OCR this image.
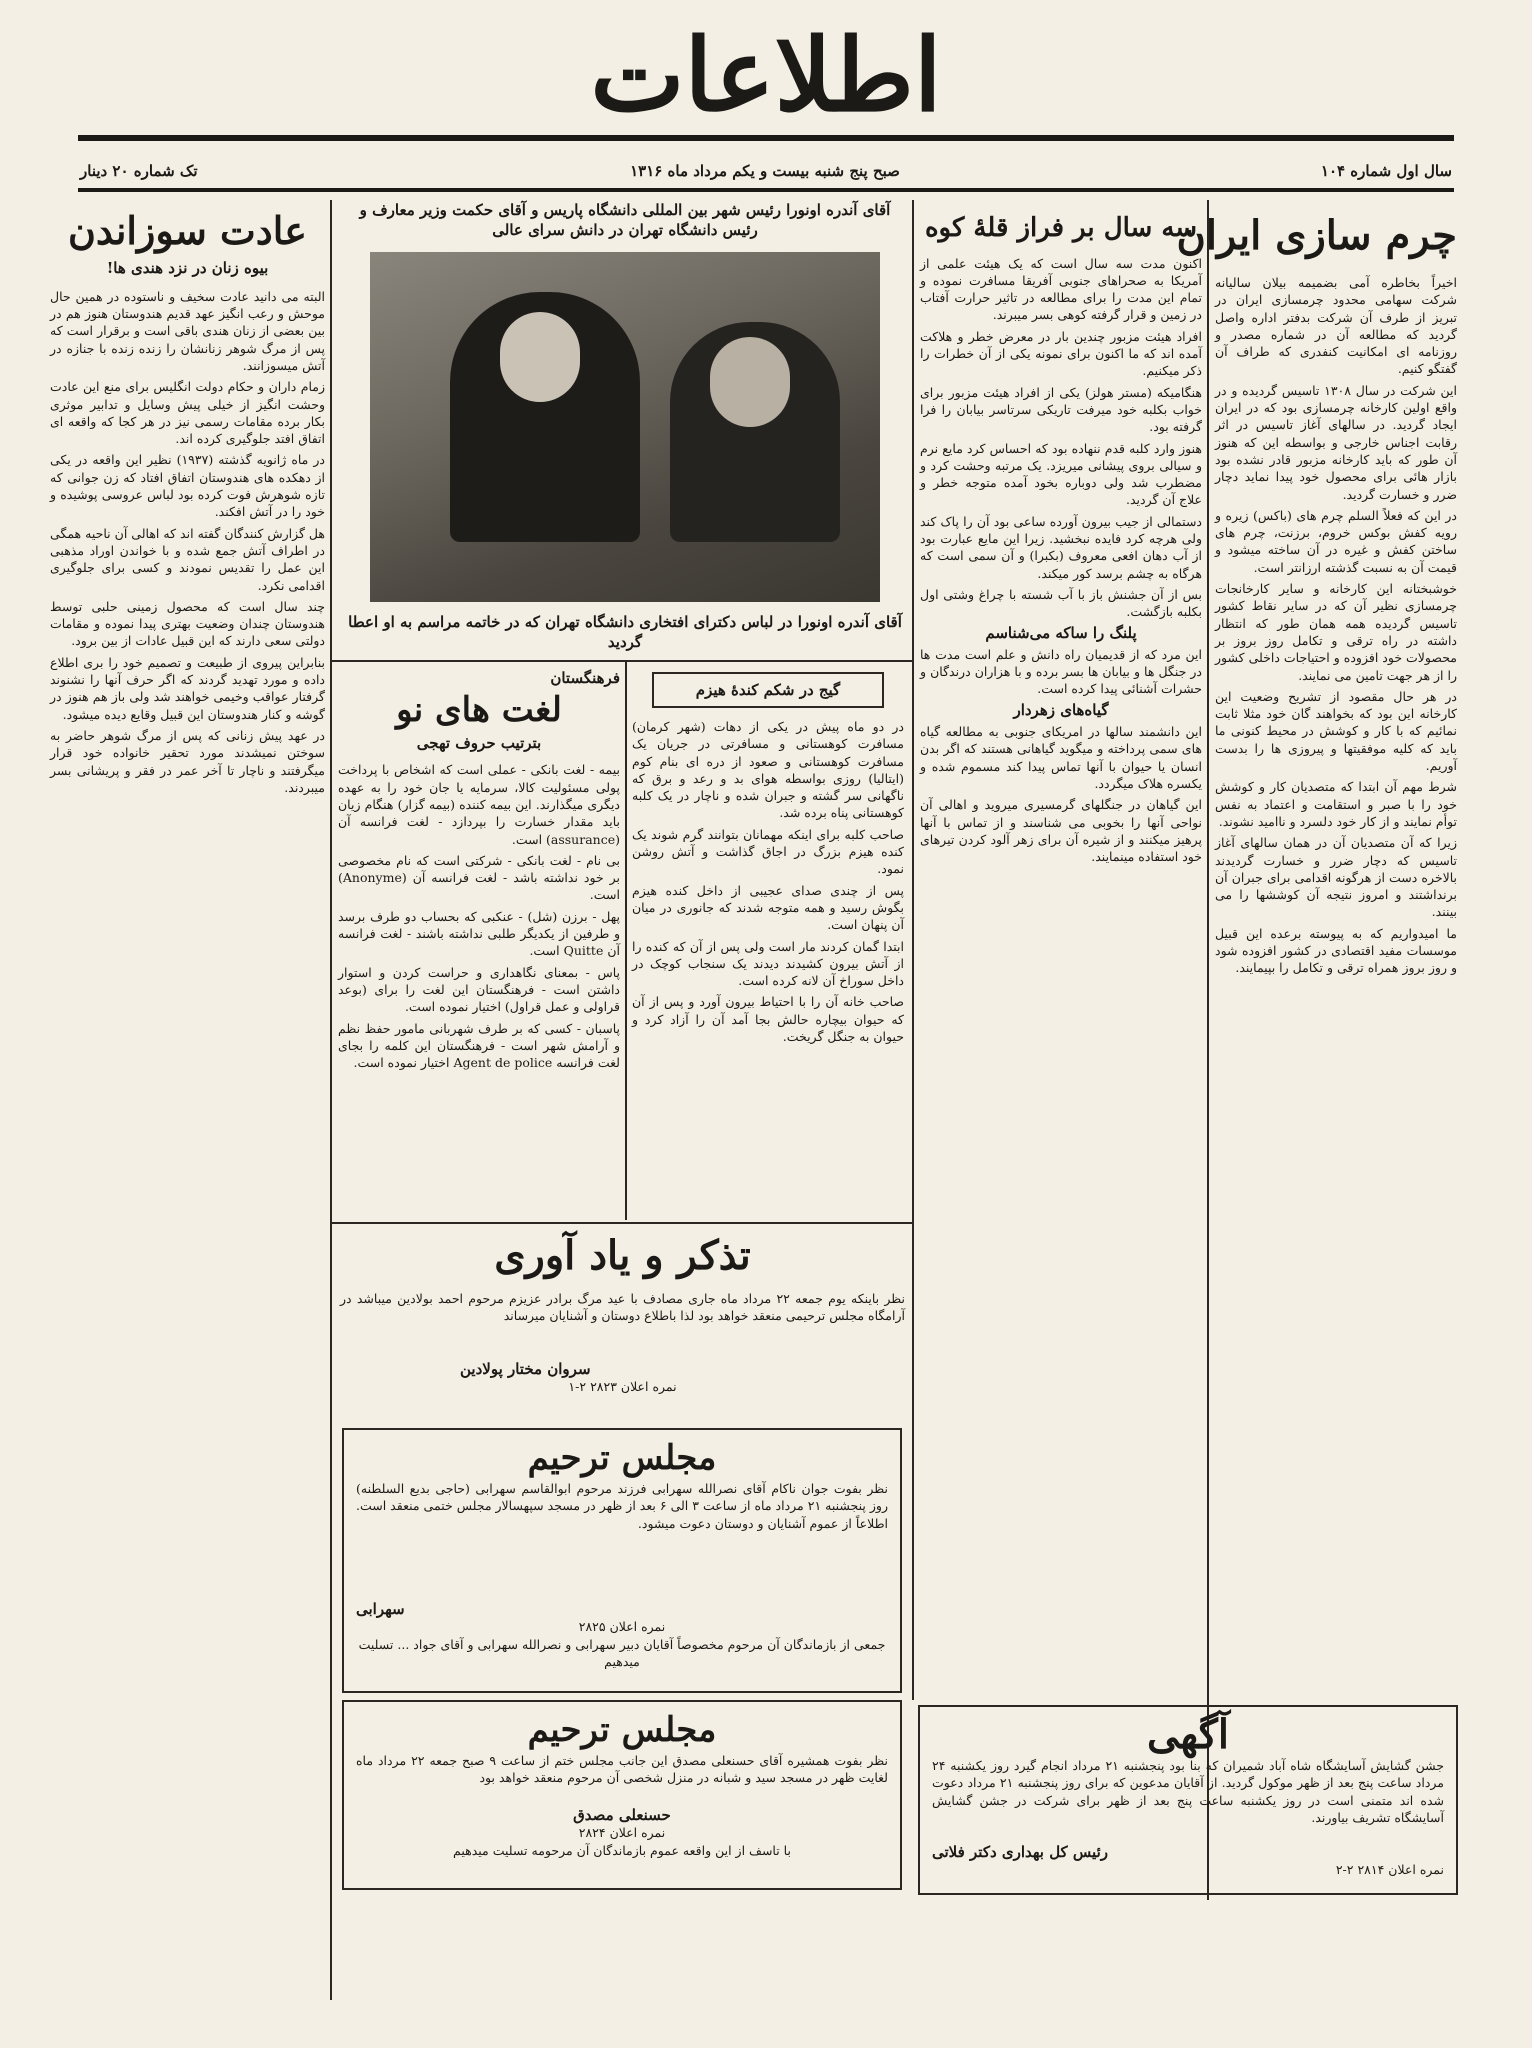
اطلاعات
سال اول شماره ۱۰۴
صبح پنج شنبه بیست و یکم مرداد ماه ۱۳۱۶
تک شماره ۲۰ دینار
چرم سازی ایران

اخیراً بخاطره آمی بضمیمه بیلان سالیانه شرکت سهامی محدود چرمسازی ایران در تبریز از طرف آن شرکت بدفتر اداره واصل گردید که مطالعه آن در شماره مصدر و روزنامه ای امکانیت کنفدری که طراف آن گفتگو کنیم.

این شرکت در سال ۱۳۰۸ تاسیس گردیده و در واقع اولین کارخانه چرمسازی بود که در ایران ایجاد گردید. در سالهای آغاز تاسیس در اثر رقابت اجناس خارجی و بواسطه این که هنوز آن طور که باید کارخانه مزبور قادر نشده بود بازار هائی برای محصول خود پیدا نماید دچار ضرر و خسارت گردید.

در این که فعلاً السلم چرم های (باکس) زیره و رویه کفش بوکس خروم، برزنت، چرم های ساختن کفش و غیره در آن ساخته میشود و قیمت آن به نسبت گذشته ارزانتر است.

خوشبختانه این کارخانه و سایر کارخانجات چرمسازی نظیر آن که در سایر نقاط کشور تاسیس گردیده همه همان طور که انتظار داشته در راه ترقی و تکامل روز بروز بر محصولات خود افزوده و احتیاجات داخلی کشور را از هر جهت تامین می نمایند.

در هر حال مقصود از تشریح وضعیت این کارخانه این بود که بخواهند گان خود مثلا ثابت نمائیم که با کار و کوشش در محیط کنونی ما باید که کلیه موفقیتها و پیروزی ها را بدست آوریم.

شرط مهم آن ابتدا که متصدیان کار و کوشش خود را با صبر و استقامت و اعتماد به نفس توأم نمایند و از کار خود دلسرد و ناامید نشوند.

زیرا که آن متصدیان آن در همان سالهای آغاز تاسیس که دچار ضرر و خسارت گردیدند بالاخره دست از هرگونه اقدامی برای جبران آن برنداشتند و امروز نتیجه آن کوششها را می بینند.

ما امیدواریم که به پیوسته برعده این قبیل موسسات مفید اقتصادی در کشور افزوده شود و روز بروز همراه ترقی و تکامل را بپیمایند.

سه سال بر فراز قلهٔ کوه

اکنون مدت سه سال است که یک هیئت علمی از آمریکا به صحراهای جنوبی آفریقا مسافرت نموده و تمام این مدت را برای مطالعه در تاثیر حرارت آفتاب در زمین و قرار گرفته کوهی بسر میبرند.

افراد هیئت مزبور چندین بار در معرض خطر و هلاکت آمده اند که ما اکنون برای نمونه یکی از آن خطرات را ذکر میکنیم.

هنگامیکه (مستر هولز) یکی از افراد هیئت مزبور برای خواب بکلبه خود میرفت تاریکی سرتاسر بیابان را فرا گرفته بود.

هنوز وارد کلبه قدم ننهاده بود که احساس کرد مایع نرم و سیالی بروی پیشانی میریزد. یک مرتبه وحشت کرد و مضطرب شد ولی دوباره بخود آمده متوجه خطر و علاج آن گردید.

دستمالی از جیب بیرون آورده ساعی بود آن را پاک کند ولی هرچه کرد فایده نبخشید. زیرا این مایع عبارت بود از آب دهان افعی معروف (بکبرا) و آن سمی است که هرگاه به چشم برسد کور میکند.

بس از آن جشنش باز با آب شسته با چراغ وشتی اول بکلبه بازگشت.

پلنگ را ساکه می‌شناسم

این مرد که از قدیمیان راه دانش و علم است مدت ها در جنگل ها و بیابان ها بسر برده و با هزاران درندگان و حشرات آشنائی پیدا کرده است.

گیاه‌های زهردار

این دانشمند سالها در امریکای جنوبی به مطالعه گیاه های سمی پرداخته و میگوید گیاهانی هستند که اگر بدن انسان یا حیوان با آنها تماس پیدا کند مسموم شده و یکسره هلاک میگردد.

این گیاهان در جنگلهای گرمسیری میروید و اهالی آن نواحی آنها را بخوبی می شناسند و از تماس با آنها پرهیز میکنند و از شیره آن برای زهر آلود کردن تیرهای خود استفاده مینمایند.

آقای آندره اونورا رئیس شهر بین المللی دانشگاه پاریس و آقای حکمت وزیر معارف و رئیس دانشگاه تهران در دانش سرای عالی
آقای آندره اونورا در لباس دکترای افتخاری دانشگاه تهران که در خاتمه مراسم به او اعطا گردید
عادت سوزاندن
بیوه زنان در نزد هندی ها!

البته می دانید عادت سخیف و ناستوده در همین حال موحش و رعب انگیز عهد قدیم هندوستان هنوز هم در بین بعضی از زنان هندی باقی است و برقرار است که پس از مرگ شوهر زنانشان را زنده زنده با جنازه در آتش میسوزانند.

زمام داران و حکام دولت انگلیس برای منع این عادت وحشت انگیز از خیلی پیش وسایل و تدابیر موثری بکار برده مقامات رسمی نیز در هر کجا که واقعه ای اتفاق افتد جلوگیری کرده اند.

در ماه ژانویه گذشته (۱۹۳۷) نظیر این واقعه در یکی از دهکده های هندوستان اتفاق افتاد که زن جوانی که تازه شوهرش فوت کرده بود لباس عروسی پوشیده و خود را در آتش افکند.

هل گزارش کنندگان گفته اند که اهالی آن ناحیه همگی در اطراف آتش جمع شده و با خواندن اوراد مذهبی این عمل را تقدیس نمودند و کسی برای جلوگیری اقدامی نکرد.

چند سال است که محصول زمینی حلبی توسط هندوستان چندان وضعیت بهتری پیدا نموده و مقامات دولتی سعی دارند که این قبیل عادات از بین برود.

بنابراین پیروی از طبیعت و تصمیم خود را بری اطلاع داده و مورد تهدید گردند که اگر حرف آنها را نشنوند گرفتار عواقب وخیمی خواهند شد ولی باز هم هنوز در گوشه و کنار هندوستان این قبیل وقایع دیده میشود.

در عهد پیش زنانی که پس از مرگ شوهر حاضر به سوختن نمیشدند مورد تحقیر خانواده خود قرار میگرفتند و ناچار تا آخر عمر در فقر و پریشانی بسر میبردند.

گیج در شکم کندهٔ هیزم

در دو ماه پیش در یکی از دهات (شهر کرمان) مسافرت کوهستانی و مسافرتی در جریان یک مسافرت کوهستانی و صعود از دره ای بنام کوم (ایتالیا) روزی بواسطه هوای بد و رعد و برق که ناگهانی سر گشته و جبران شده و ناچار در یک کلبه کوهستانی پناه برده شد.

صاحب کلبه برای اینکه مهمانان بتوانند گرم شوند یک کنده هیزم بزرگ در اجاق گذاشت و آتش روشن نمود.

پس از چندی صدای عجیبی از داخل کنده هیزم بگوش رسید و همه متوجه شدند که جانوری در میان آن پنهان است.

ابتدا گمان کردند مار است ولی پس از آن که کنده را از آتش بیرون کشیدند دیدند یک سنجاب کوچک در داخل سوراخ آن لانه کرده است.

صاحب خانه آن را با احتیاط بیرون آورد و پس از آن که حیوان بیچاره حالش بجا آمد آن را آزاد کرد و حیوان به جنگل گریخت.

فرهنگستان
لغت های نو
بترتیب حروف تهجی

بیمه - لغت بانکی - عملی است که اشخاص با پرداخت پولی مسئولیت کالا، سرمایه یا جان خود را به عهده دیگری میگذارند. این بیمه کننده (بیمه گزار) هنگام زیان باید مقدار خسارت را بپردازد - لغت فرانسه آن (assurance) است.

بی نام - لغت بانکی - شرکتی است که نام مخصوصی بر خود نداشته باشد - لغت فرانسه آن (Anonyme) است.

پهل - برزن (شل) - عنکبی که بحساب دو طرف برسد و طرفین از یکدیگر طلبی نداشته باشند - لغت فرانسه آن Quitte است.

پاس - بمعنای نگاهداری و حراست کردن و استوار داشتن است - فرهنگستان این لغت را برای (بوعد قراولی و عمل قراول) اختیار نموده است.

پاسبان - کسی که بر طرف شهربانی مامور حفظ نظم و آرامش شهر است - فرهنگستان این کلمه را بجای لغت فرانسه Agent de police اختیار نموده است.

تذکر و یاد آوری
نظر باینکه یوم جمعه ۲۲ مرداد ماه جاری مصادف با عید مرگ برادر عزیزم مرحوم احمد بولادین میباشد در آرامگاه مجلس ترحیمی منعقد خواهد بود لذا باطلاع دوستان و آشنایان میرساند
سروان مختار پولادین
نمره اعلان ۲۸۲۳ ۲-۱
مجلس ترحیم
نظر بفوت جوان ناکام آقای نصرالله سهرابی فرزند مرحوم ابوالقاسم سهرابی (حاجی بدیع السلطنه) روز پنجشنبه ۲۱ مرداد ماه از ساعت ۳ الی ۶ بعد از ظهر در مسجد سپهسالار مجلس ختمی منعقد است. اطلاعاً از عموم آشنایان و دوستان دعوت میشود.
سهرابی
نمره اعلان ۲۸۲۵
جمعی از بازماندگان آن مرحوم مخصوصاً آقایان دبیر سهرابی و نصرالله سهرابی و آقای جواد ... تسلیت میدهیم
مجلس ترحیم
نظر بفوت همشیره آقای حسنعلی مصدق این جانب مجلس ختم از ساعت ۹ صبح جمعه ۲۲ مرداد ماه لغایت ظهر در مسجد سید و شبانه در منزل شخصی آن مرحوم منعقد خواهد بود
حسنعلی مصدق
نمره اعلان ۲۸۲۴
با تاسف از این واقعه عموم بازماندگان آن مرحومه تسلیت میدهیم
آگهی
جشن گشایش آسایشگاه شاه آباد شمیران که بنا بود پنجشنبه ۲۱ مرداد انجام گیرد روز یکشنبه ۲۴ مرداد ساعت پنج بعد از ظهر موکول گردید. از آقایان مدعوین که برای روز پنجشنبه ۲۱ مرداد دعوت شده اند متمنی است در روز یکشنبه ساعت پنج بعد از ظهر برای شرکت در جشن گشایش آسایشگاه تشریف بیاورند.
رئیس کل بهداری دکتر فلاتی
نمره اعلان ۲۸۱۴ ۲-۲
